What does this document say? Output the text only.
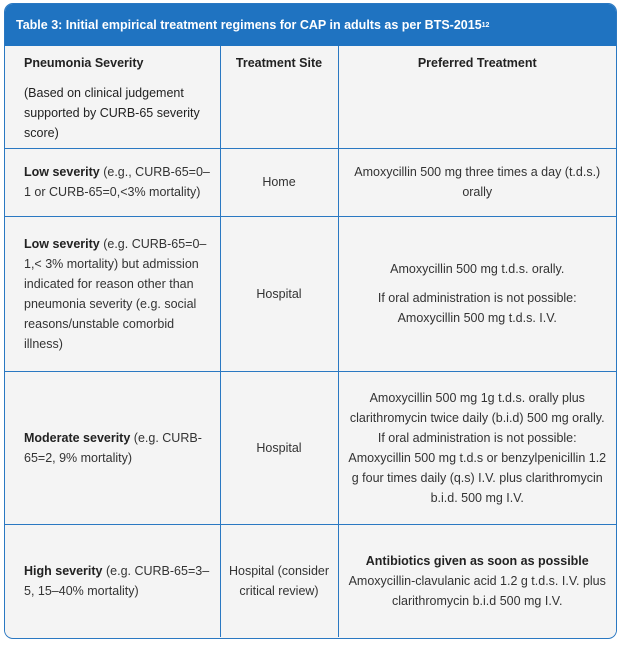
Table 3: Initial empirical treatment regimens for CAP in adults as per BTS-2015 12
Pneumonia Severity
(Based on clinical judgement supported by CURB-65 severity score)	Treatment Site	Preferred Treatment
Low severity (e.g., CURB-65=0–1 or CURB-65=0,<3% mortality)	Home	Amoxycillin 500 mg three times a day (t.d.s.) orally

Low severity (e.g. CURB-65=0–1,< 3% mortality) but admission indicated for reason other than pneumonia severity (e.g. social reasons/unstable comorbid illness)	Hospital	Amoxycillin 500 mg t.d.s. orally.
If oral administration is not possible: Amoxycillin 500 mg t.d.s. I.V.

Moderate severity (e.g. CURB-65=2, 9% mortality)	Hospital	Amoxycillin 500 mg 1g t.d.s. orally plus clarithromycin twice daily (b.i.d) 500 mg orally. If oral administration is not possible: Amoxycillin 500 mg t.d.s or benzylpenicillin 1.2 g four times daily (q.s) I.V. plus clarithromycin b.i.d. 500 mg I.V.

High severity (e.g. CURB-65=3–5, 15–40% mortality)	Hospital (consider critical review)	Antibiotics given as soon as possible
Amoxycillin-clavulanic acid 1.2 g t.d.s. I.V. plus clarithromycin b.i.d 500 mg I.V.
